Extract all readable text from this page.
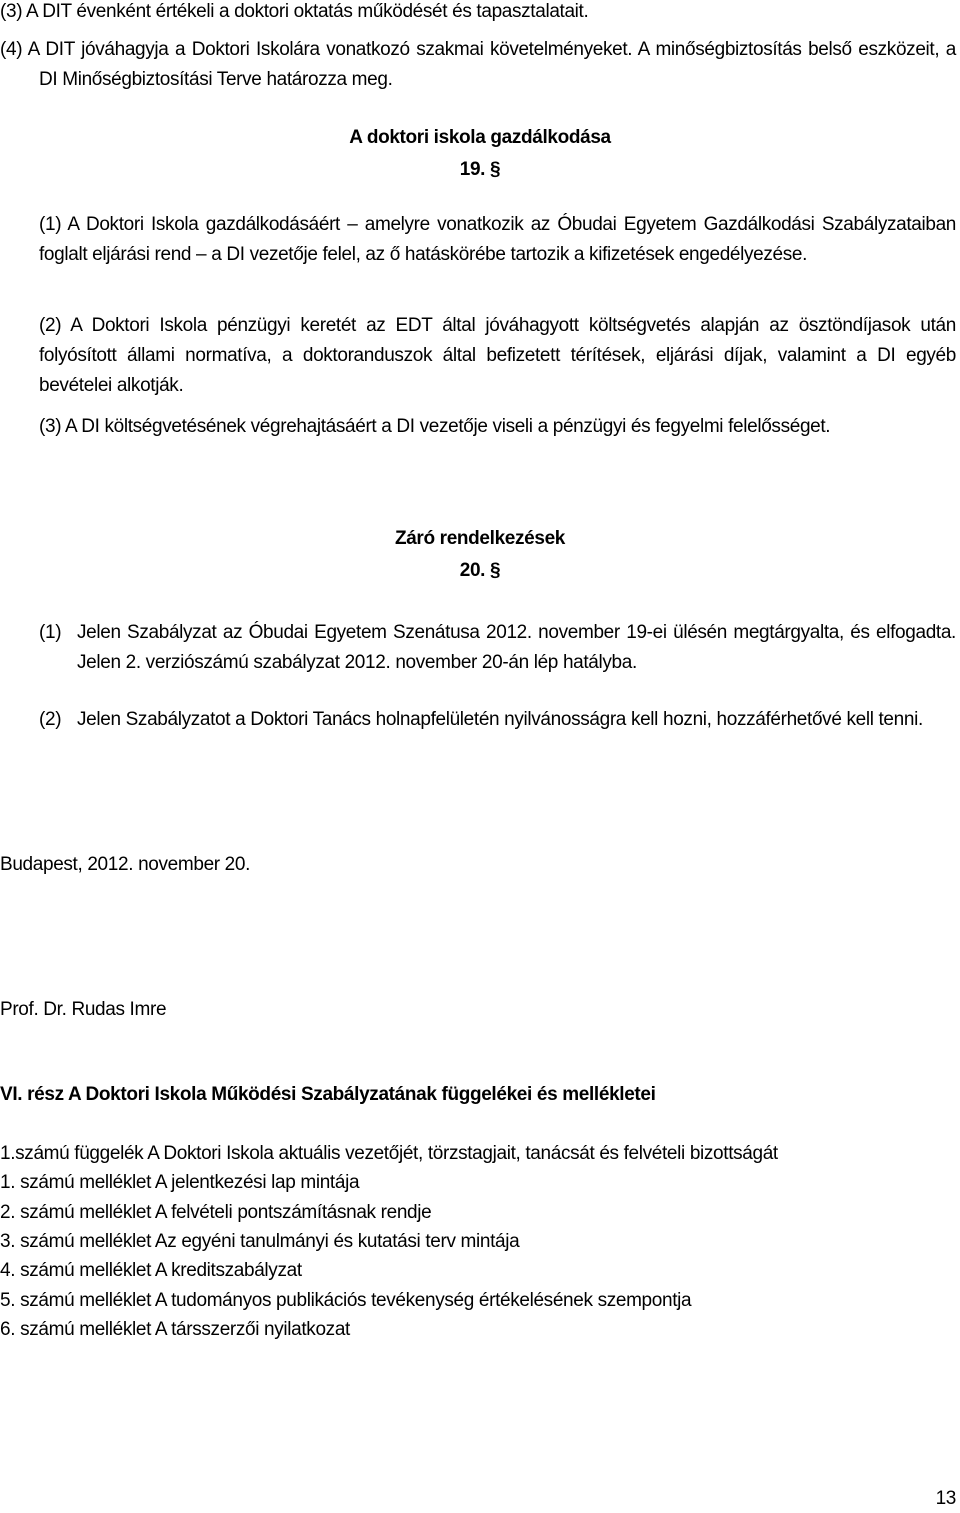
(3) A DIT évenként értékeli a doktori oktatás működését és tapasztalatait.
(4) A DIT jóváhagyja a Doktori Iskolára vonatkozó szakmai követelményeket. A minőségbiztosítás belső eszközeit, a DI Minőségbiztosítási Terve határozza meg.
A doktori iskola gazdálkodása
19. §
(1) A Doktori Iskola gazdálkodásáért – amelyre vonatkozik az Óbudai Egyetem Gazdálkodási Szabályzataiban foglalt eljárási rend – a DI vezetője felel, az ő hatáskörébe tartozik a kifizetések engedélyezése.
(2) A Doktori Iskola pénzügyi keretét az EDT által jóváhagyott költségvetés alapján az ösztöndíjasok után folyósított állami normatíva, a doktoranduszok által befizetett térítések, eljárási díjak, valamint a DI egyéb bevételei alkotják.
(3) A DI költségvetésének végrehajtásáért a DI vezetője viseli a pénzügyi és fegyelmi felelősséget.
Záró rendelkezések
20. §
(1) Jelen Szabályzat az Óbudai Egyetem Szenátusa 2012. november 19-ei ülésén megtárgyalta, és elfogadta. Jelen 2. verziószámú szabályzat 2012. november 20-án lép hatályba.
(2) Jelen Szabályzatot a Doktori Tanács holnapfelületén nyilvánosságra kell hozni, hozzáférhetővé kell tenni.
Budapest, 2012. november 20.
Prof. Dr. Rudas Imre
VI. rész A Doktori Iskola Működési Szabályzatának függelékei és mellékletei
1.számú függelék A Doktori Iskola aktuális vezetőjét, törzstagjait, tanácsát és felvételi bizottságát
1. számú melléklet A jelentkezési lap mintája
2. számú melléklet A felvételi pontszámításnak rendje
3. számú melléklet Az egyéni tanulmányi és kutatási terv mintája
4. számú melléklet A kreditszabályzat
5. számú melléklet A tudományos publikációs tevékenység értékelésének szempontja
6. számú melléklet A társszerzői nyilatkozat
13
